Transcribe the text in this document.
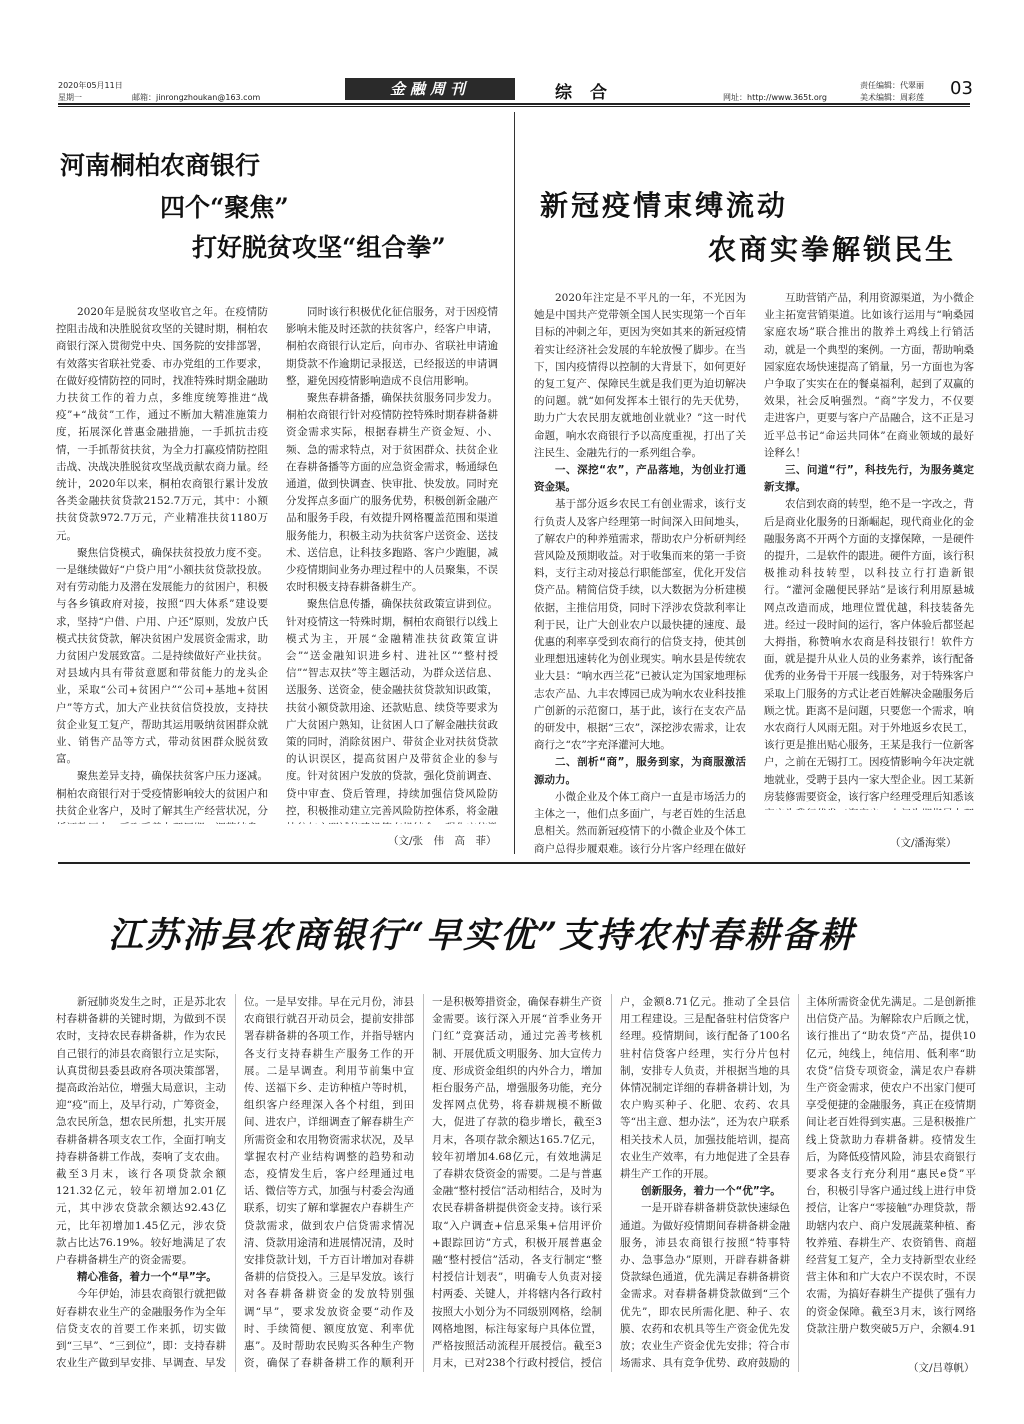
2020年05月11日
星期一	邮箱：jinrongzhoukan@163.com	金融周刊	综合	网址：http://www.365t.org
责任编辑：代翠丽
美术编辑：周彩莲 03
河南桐柏农商银行
四个“聚焦”
打好脱贫攻坚“组合拳”

2020年是脱贫攻坚收官之年。在疫情防控阻击战和决胜脱贫攻坚的关键时期，桐柏农商银行深入贯彻党中央、国务院的安排部署，有效落实省联社党委、市办党组的工作要求，在做好疫情防控的同时，找准特殊时期金融助力扶贫工作的着力点，多维度统筹推进“战疫”+“战贫”工作，通过不断加大精准施策力度，拓展深化普惠金融措施，一手抓抗击疫情，一手抓帮贫扶贫，为全力打赢疫情防控阻击战、决战决胜脱贫攻坚战贡献农商力量。经统计，2020年以来，桐柏农商银行累计发放各类金融扶贫贷款2152.7万元，其中：小额扶贫贷款972.7万元，产业精准扶贫1180万元。

聚焦信贷模式，确保扶贫投放力度不变。一是继续做好“户贷户用”小额扶贫贷款投放。对有劳动能力及潜在发展能力的贫困户，积极与各乡镇政府对接，按照“四大体系”建设要求，坚持“户借、户用、户还”原则，发放户氏模式扶贫贷款，解决贫困户发展资金需求，助力贫困户发展致富。二是持续做好产业扶贫。对县域内具有带贫意愿和带贫能力的龙头企业，采取“公司+贫困户”“公司+基地+贫困户”等方式，加大产业扶贫信贷投放，支持扶贫企业复工复产，帮助其运用吸纳贫困群众就业、销售产品等方式，带动贫困群众脱贫致富。

聚焦差异支持，确保扶贫客户压力逐减。桐柏农商银行对于受疫情影响较大的贫困户和扶贫企业客户，及时了解其生产经营状况，分

同时该行积极优化征信服务，对于因疫情影响未能及时还款的扶贫客户，经客户申请，桐柏农商银行认定后，向市办、省联社申请逾期贷款不作逾期记录报送，已经报送的申请调整，避免因疫情影响造成不良信用影响。

聚焦春耕备播，确保扶贫服务同步发力。桐柏农商银行针对疫情防控特殊时期春耕备耕资金需求实际，根据春耕生产资金短、小、频、急的需求特点，对于贫困群众、扶贫企业在春耕备播等方面的应急资金需求，畅通绿色通道，做到快调查、快审批、快发放。同时充分发挥点多面广的服务优势，积极创新金融产品和服务手段，有效提升网格覆盖范围和渠道服务能力，积极主动为扶贫客户送资金、送技术、送信息，让科技多跑路、客户少跑腿，减少疫情期间业务办理过程中的人员聚集，不误农时积极支持春耕备耕生产。

聚焦信息传播，确保扶贫政策宣讲到位。针对疫情这一特殊时期，桐柏农商银行以线上模式为主，开展“金融精准扶贫政策宣讲会”“送金融知识进乡村、进社区”“整村授信”“智志双扶”等主题活动，为群众送信息、送服务、送资金，使金融扶贫贷款知识政策，扶贫小额贷款用途、还款贴息、续贷等要求为广大贫困户熟知，让贫困人口了解金融扶贫政策的同时，消除贫困户、带贫企业对扶贫贷款的认识误区，提高贫困户及带贫企业的参与度。针对贫困户发放的贷款，强化贷前调查、贷中审查、贷后管理，持续加强信贷风险防控，积极推动建立完善风险防控体系，将金融

（文/张　伟　高　菲）
新冠疫情束缚流动
农商实拳解锁民生

2020年注定是不平凡的一年，不光因为她是中国共产党带领全国人民实现第一个百年目标的冲刺之年，更因为突如其来的新冠疫情着实让经济社会发展的车轮放慢了脚步。在当下，国内疫情得以控制的大背景下，如何更好的复工复产、保障民生就是我们更为迫切解决的问题。就“如何发挥本土银行的先天优势，助力广大农民朋友就地创业就业？”这一时代命题，响水农商银行予以高度重视，打出了关注民生、金融先行的一系列组合拳。

一、深挖“农”，产品落地，为创业打通资金渠。

基于部分返乡农民工有创业需求，该行支行负责人及客户经理第一时间深入田间地头，了解农户的种养殖需求，帮助农户分析研判经营风险及预期收益。对于收集而来的第一手资料，支行主动对接总行职能部室，优化开发信贷产品。精简信贷手续，以大数据为分析建模依据，主推信用贷，同时下浮涉农贷款利率让利于民，让广大创业农户以最快捷的速度、最优惠的利率享受到农商行的信贷支持，使其创业理想迅速转化为创业现实。响水县是传统农业大县：“响水西兰花”已被认定为国家地理标志农产品、九丰农博园已成为响水农业科技推广创新的示范窗口，基于此，该行在支农产品的研发中，根据“三农”，深挖涉农需求，让农商行之“农”字充泽灌河大地。

二、剖析“商”，服务到家，为商服激活源动力。

小微企业及个体工商户一直是市场活力的主体之一，他们点多面广，与老百姓的生活息息相关。然而新冠疫情下的小微企业及个体工商户总得步履艰难。该行分片客户经理在做好

互助营销产品，利用资源渠道，为小微企业主拓宽营销渠道。比如该行运用与“响桑园家庭农场”联合推出的散养土鸡线上行销活动，就是一个典型的案例。一方面，帮助响桑园家庭农场快速提高了销量，另一方面也为客户争取了实实在在的餐桌福利，起到了双赢的效果，社会反响强烈。“商”字发力，不仅要走进客户，更要与客户产品融合，这不正是习近平总书记“命运共同体”在商业领域的最好诠释么！

三、问道“行”，科技先行，为服务奠定新支撑。

农信到农商的转型，绝不是一字改之，背后是商业化服务的日渐崛起，现代商业化的金融服务离不开两个方面的支撑保障，一是硬件的提升，二是软件的跟进。硬件方面，该行积极推动科技转型，以科技立行打造新银行。“灌河金融便民驿站”是该行利用原悬城网点改造而成，地理位置优越，科技装备先进。经过一段时间的运行，客户体验后都竖起大拇指，称赞响水农商是科技银行！软件方面，就是提升从业人员的业务素养，该行配备优秀的业务骨干开展一线服务，对于特殊客户采取上门服务的方式让老百姓解决金融服务后顾之忧。距离不是问题，只要您一个需求，响水农商行人风雨无阻。对于外地返乡农民工，该行更是推出贴心服务，王某是我行一位新客户，之前在无锡打工。因疫情影响今年决定就地就业，受聘于县内一家大型企业。因工某新房装修需要资金，该行客户经理受理后知悉该

（文/潘海棠）
江苏沛县农商银行“早实优”支持农村春耕备耕

新冠肺炎发生之时，正是苏北农村春耕备耕的关键时期，为做到不误农时，支持农民春耕备耕，作为农民自己银行的沛县农商银行立足实际，认真贯彻县委县政府各项决策部署，提高政治站位，增强大局意识，主动迎“疫”而上，及早行动，广筹资金，急农民所急，想农民所想，扎实开展春耕备耕各项支农工作，全面打响支持春耕备耕工作战，奏响了支农曲。截至3月末，该行各项贷款余额121.32亿元，较年初增加2.01亿元，其中涉农贷款余额达92.43亿元，比年初增加1.45亿元，涉农贷款占比达76.19%。较好地满足了农户春耕备耕生产的资金需要。

精心准备，着力一个“早”字。

今年伊始，沛县农商银行就把做好春耕农业生产的金融服务作为全年信贷支农的首要工作来抓，切实做到“三早”、“三到位”，即：支持春耕农业生产做到早安排、早调查、早发

位。一是早安排。早在元月份，沛县农商银行就召开动员会，提前安排部署春耕备耕的各项工作，并指导辖内各支行支持春耕生产服务工作的开展。二是早调查。利用节前集中宣传、送福下乡、走访种植户等时机，组织客户经理深入各个村组，到田间、进农户，详细调查了解春耕生产所需资金和农用物资需求状况，及早掌握农村产业结构调整的趋势和动态，疫情发生后，客户经理通过电话、微信等方式，加强与村委会沟通联系，切实了解和掌握农户春耕生产贷款需求，做到农户信贷需求情况清、贷款用途清和进展情况清，及时安排贷款计划，千方百计增加对春耕备耕的信贷投入。三是早发放。该行对各春耕备耕资金的发放特别强调“早”，要求发放资金要“动作及时、手续简便、额度放宽、利率优惠”。及时帮助农民购买各种生产物资，确保了春耕备耕工作的顺利开

一是积极筹措资金，确保春耕生产资金需要。该行深入开展“首季业务开门红”竞赛活动，通过完善考核机制、开展优质文明服务、加大宣传力度、形成资金组织的内外合力，增加柜台服务产品，增强服务功能，充分发挥网点优势，将春耕规模不断做大，促进了存款的稳步增长，截至3月末，各项存款余额达165.7亿元，较年初增加4.68亿元，有效地满足了春耕农贷资金的需要。二是与普惠金融“整村授信”活动相结合，及时为农民春耕备耕提供资金支持。该行采取“入户调查+信息采集+信用评价+跟踪回访”方式，积极开展普惠金融“整村授信”活动，各支行制定“整村授信计划表”，明确专人负责对接村两委、关键人，并将辖内各行政村按照大小划分为不同级别网格，绘制网格地图，标注每家每户具体位置，严格按照活动流程开展授信。截至3月末，已对238个行政村授信，授信

户，金额8.71亿元。推动了全县信用工程建设。三是配备驻村信贷客户经理。疫情期间，该行配备了100名驻村信贷客户经理，实行分片包村制，安排专人负责，并根据当地的具体情况制定详细的春耕备耕计划，为农户购买种子、化肥、农药、农具等“出主意、想办法”，还为农户联系相关技术人员，加强技能培训，提高农业生产效率，有力地促进了全县春耕生产工作的开展。

创新服务，着力一个“优”字。

一是开辟春耕备耕贷款快速绿色通道。为做好疫情期间春耕备耕金融服务，沛县农商银行按照“特事特办、急事急办”原则，开辟春耕备耕贷款绿色通道，优先满足春耕备耕资金需求。对春耕备耕贷款做到“三个优先”，即农民所需化肥、种子、农膜、农药和农机具等生产资金优先发放；农业生产资金优先安排；符合市场需求、具有竞争优势、政府鼓励的

主体所需资金优先满足。二是创新推出信贷产品。为解除农户后顾之忧，该行推出了“助农贷”产品，提供10亿元，纯线上，纯信用、低利率“助农贷”信贷专项资金，满足农户春耕生产资金需求，使农户不出家门便可享受便捷的金融服务，真正在疫情期间让老百姓得到实惠。三是积极推广线上贷款助力春耕备耕。疫情发生后，为降低疫情风险，沛县农商银行要求各支行充分利用“惠民e贷”平台，积极引导客户通过线上进行申贷授信，让客户“零接触”办理贷款，帮助辖内农户、商户发展蔬菜种植、畜牧养殖、春耕生产、农资销售、商超经营复工复产，全力支持新型农业经营主体和和广大农户不误农时，不误农需，为搞好春耕生产提供了强有力的资金保障。截至3月末，该行网络贷款注册户数突破5万户，余额4.91

（文/吕尊帆）
